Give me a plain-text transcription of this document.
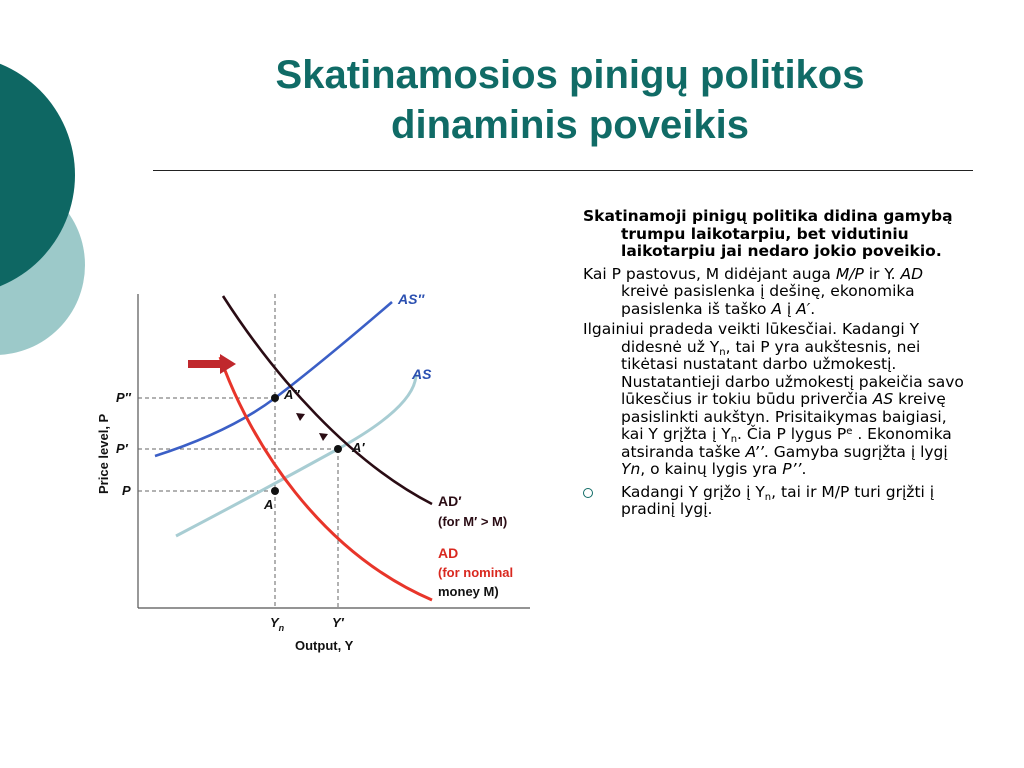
Skatinamosios pinigų politikos
dinaminis poveikis
A″
A′
A
AS″
AS
AD′
(for M′ > M)
AD
(for nominal
money M)
P″
P′
P
$Y_n$	Y′
Output, Y
Price level, P

Skatinamoji pinigų politika didina gamybą trumpu laikotarpiu, bet vidutiniu laikotarpiu jai nedaro jokio poveikio.

Kai P pastovus, M didėjant auga M/P ir Y. AD kreivė pasislenka į dešinę, ekonomika pasislenka iš taško A į A′.

Ilgainiui pradeda veikti lūkesčiai. Kadangi Y didesnė už $Y_n$, tai P yra aukštesnis, nei tikėtasi nustatant darbo užmokestį. Nustatantieji darbo užmokestį pakeičia savo lūkesčius ir tokiu būdu priverčia AS kreivę pasislinkti aukštyn. Prisitaikymas baigiasi, kai Y grįžta į $Y_n$. Čia P lygus $P^e$ . Ekonomika atsiranda taške A’’. Gamyba sugrįžta į lygį Yn, o kainų lygis yra P’’.

Kadangi Y grįžo į $Y_n$, tai ir M/P turi grįžti į pradinį lygį.
